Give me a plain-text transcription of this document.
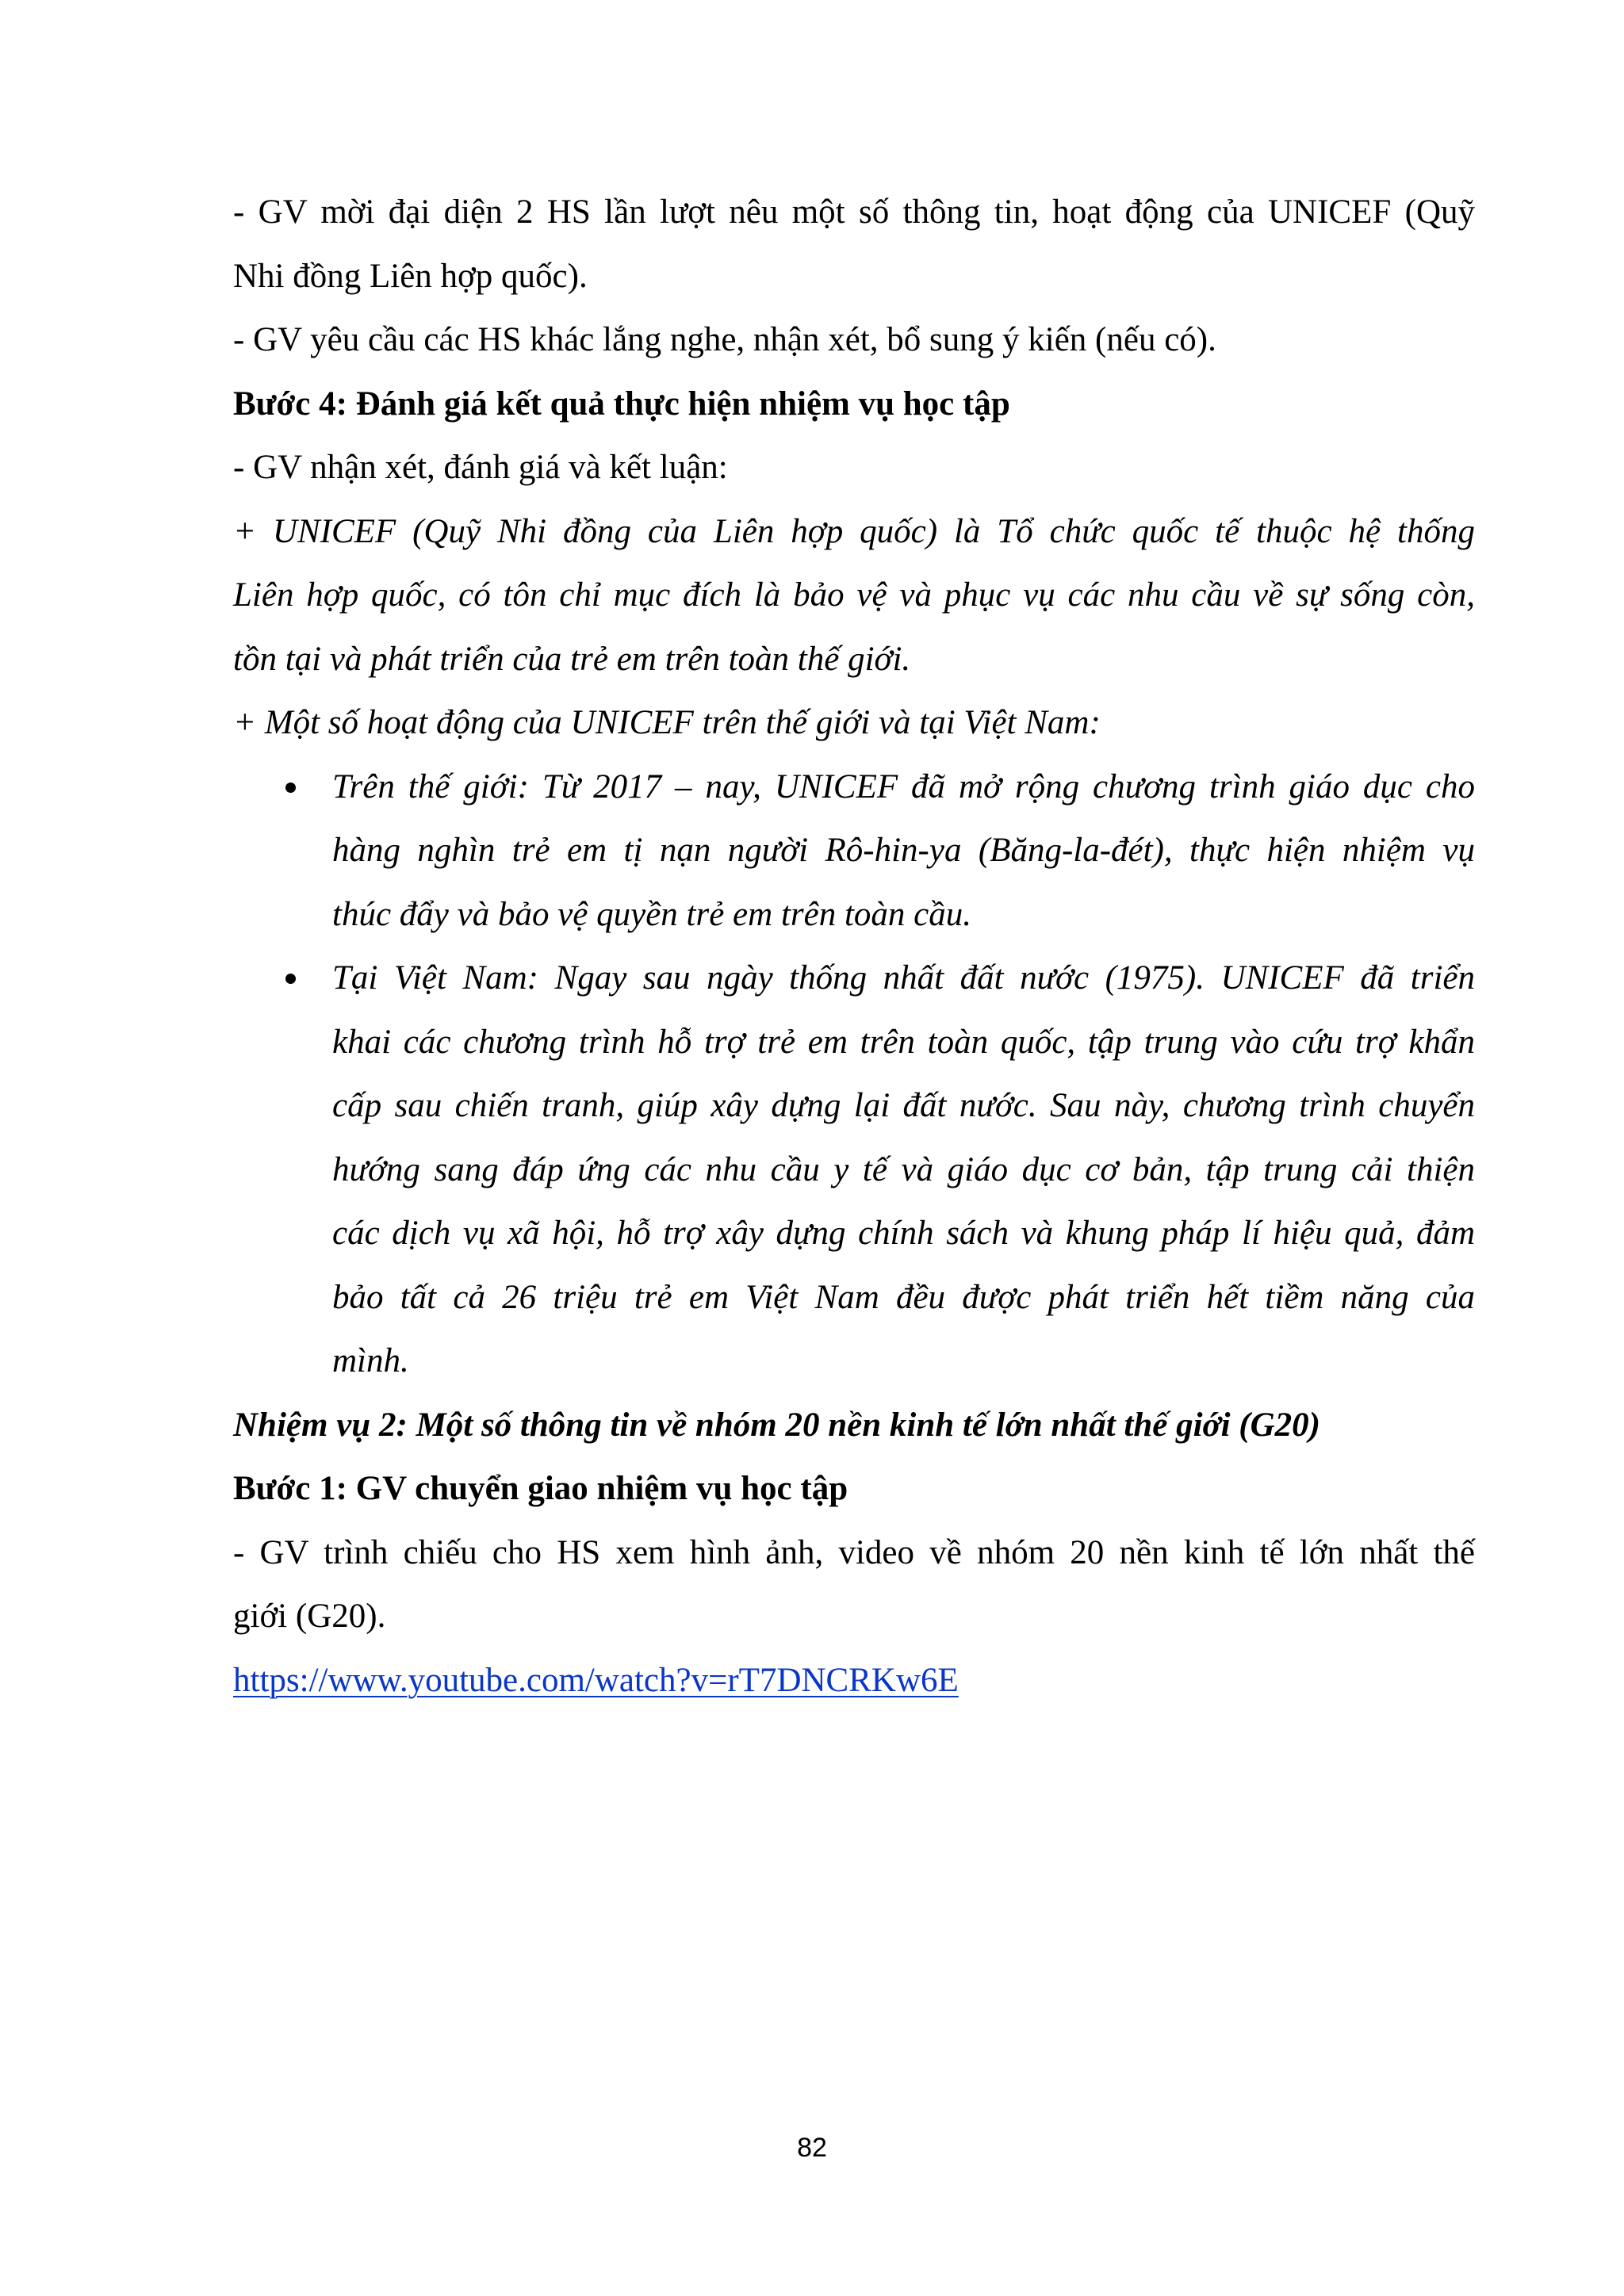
- GV mời đại diện 2 HS lần lượt nêu một số thông tin, hoạt động của UNICEF (Quỹ
Nhi đồng Liên hợp quốc).
- GV yêu cầu các HS khác lắng nghe, nhận xét, bổ sung ý kiến (nếu có).
Bước 4: Đánh giá kết quả thực hiện nhiệm vụ học tập
- GV nhận xét, đánh giá và kết luận:
+ UNICEF (Quỹ Nhi đồng của Liên hợp quốc) là Tổ chức quốc tế thuộc hệ thống
Liên hợp quốc, có tôn chỉ mục đích là bảo vệ và phục vụ các nhu cầu về sự sống còn,
tồn tại và phát triển của trẻ em trên toàn thế giới.
+ Một số hoạt động của UNICEF trên thế giới và tại Việt Nam:
Trên thế giới: Từ 2017 – nay, UNICEF đã mở rộng chương trình giáo dục cho
hàng nghìn trẻ em tị nạn người Rô-hin-ya (Băng-la-đét), thực hiện nhiệm vụ
thúc đẩy và bảo vệ quyền trẻ em trên toàn cầu.
Tại Việt Nam: Ngay sau ngày thống nhất đất nước (1975). UNICEF đã triển
khai các chương trình hỗ trợ trẻ em trên toàn quốc, tập trung vào cứu trợ khẩn
cấp sau chiến tranh, giúp xây dựng lại đất nước. Sau này, chương trình chuyển
hướng sang đáp ứng các nhu cầu y tế và giáo dục cơ bản, tập trung cải thiện
các dịch vụ xã hội, hỗ trợ xây dựng chính sách và khung pháp lí hiệu quả, đảm
bảo tất cả 26 triệu trẻ em Việt Nam đều được phát triển hết tiềm năng của
mình.
Nhiệm vụ 2: Một số thông tin về nhóm 20 nền kinh tế lớn nhất thế giới (G20)
Bước 1: GV chuyển giao nhiệm vụ học tập
- GV trình chiếu cho HS xem hình ảnh, video về nhóm 20 nền kinh tế lớn nhất thế
giới (G20).
https://www.youtube.com/watch?v=rT7DNCRKw6E
82
